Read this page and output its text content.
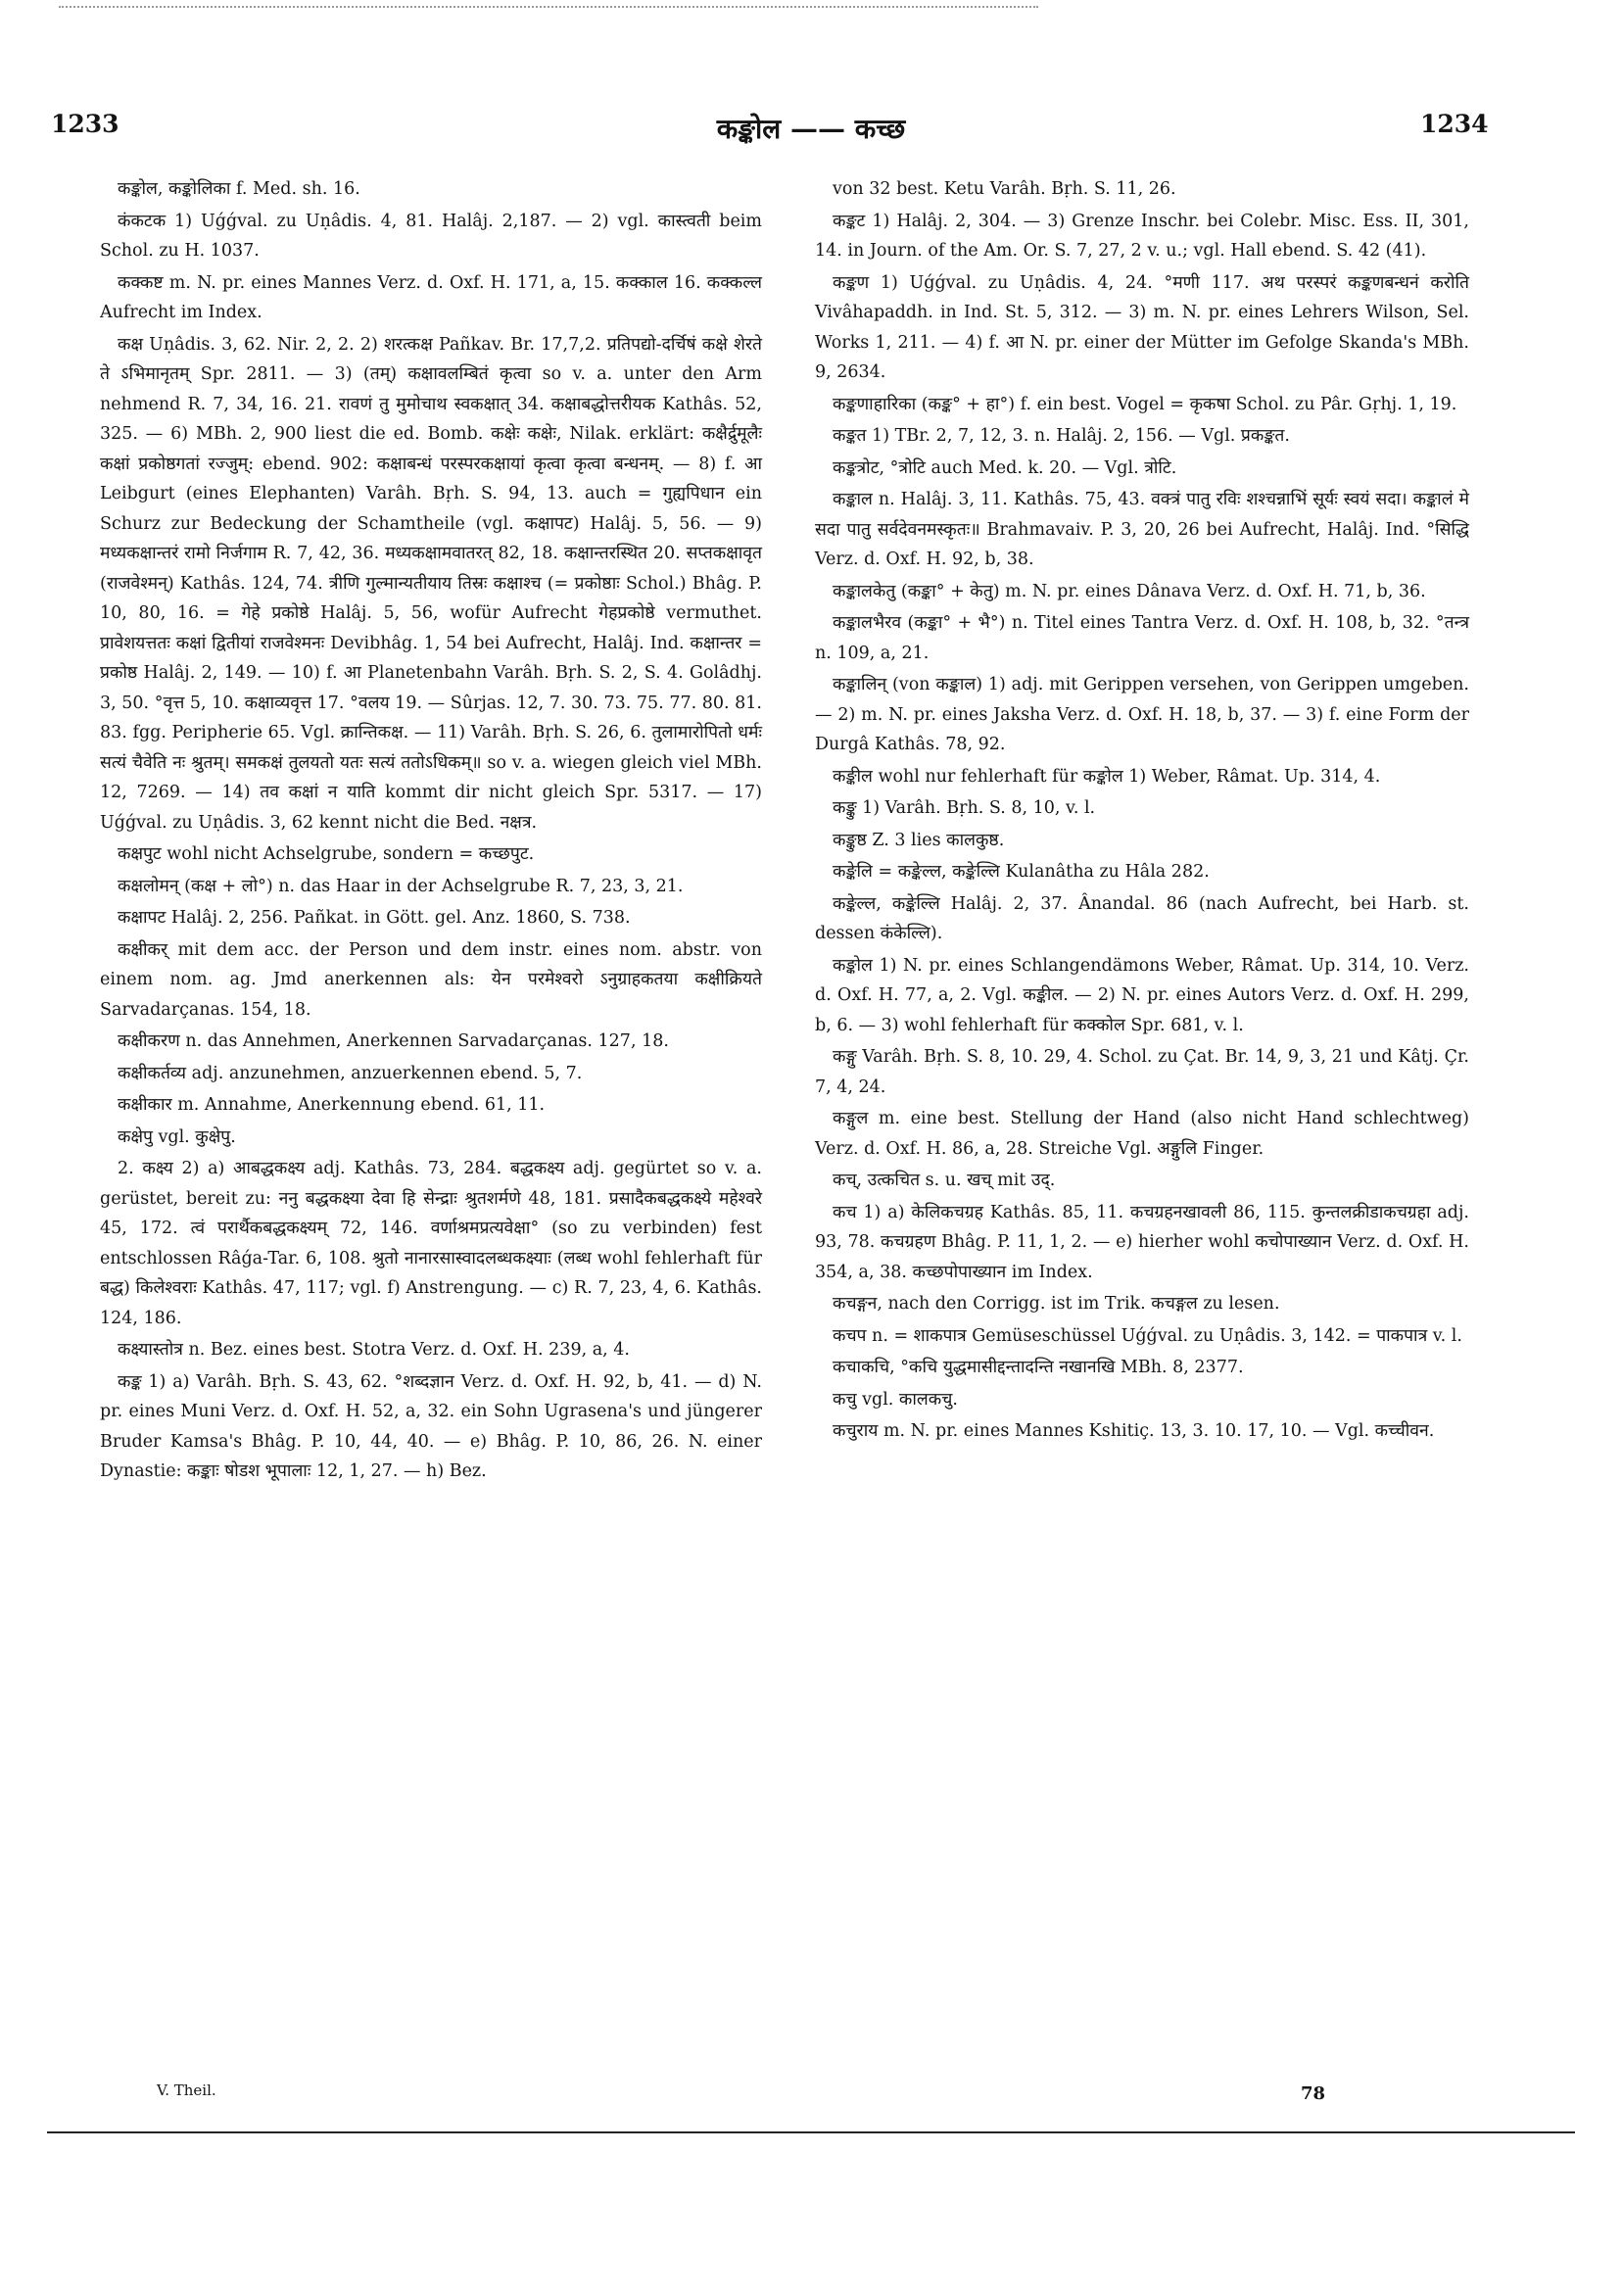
1233	कङ्कोल —— कच्छ	1234

कङ्कोल, कङ्कोलिका f. Med. sh. 16.

कंकटक 1) Uǵǵval. zu Uṇâdis. 4, 81. Halâj. 2,187. — 2) vgl. कास्त्वती beim Schol. zu H. 1037.

कक्कष्ट m. N. pr. eines Mannes Verz. d. Oxf. H. 171, a, 15. कक्काल 16. कक्कल्ल Aufrecht im Index.

कक्ष Uṇâdis. 3, 62. Nir. 2, 2. 2) शरत्कक्ष Pañkav. Br. 17,7,2. प्रतिपद्यो-दर्चिषं कक्षे शेरते ते ऽभिमानृतम् Spr. 2811. — 3) (तम्) कक्षावलम्बितं कृत्वा so v. a. unter den Arm nehmend R. 7, 34, 16. 21. रावणं तु मुमोचाथ स्वकक्षात् 34. कक्षाबद्धोत्तरीयक Kathâs. 52, 325. — 6) MBh. 2, 900 liest die ed. Bomb. कक्षेः कक्षेः, Nilak. erklärt: कक्षैर्द्रुमूलैः कक्षां प्रकोष्ठगतां रज्जुम्: ebend. 902: कक्षाबन्धं परस्परकक्षायां कृत्वा कृत्वा बन्धनम्. — 8) f. आ Leibgurt (eines Elephanten) Varâh. Bṛh. S. 94, 13. auch = गुह्यपिधान ein Schurz zur Bedeckung der Schamtheile (vgl. कक्षापट) Halâj. 5, 56. — 9) मध्यकक्षान्तरं रामो निर्जगाम R. 7, 42, 36. मध्यकक्षामवातरत् 82, 18. कक्षान्तरस्थित 20. सप्तकक्षावृत (राजवेश्मन्) Kathâs. 124, 74. त्रीणि गुल्मान्यतीयाय तिस्रः कक्षाश्च (= प्रकोष्ठाः Schol.) Bhâg. P. 10, 80, 16. = गेहे प्रकोष्ठे Halâj. 5, 56, wofür Aufrecht गेहप्रकोष्ठे vermuthet. प्रावेशयत्ततः कक्षां द्वितीयां राजवेश्मनः Devibhâg. 1, 54 bei Aufrecht, Halâj. Ind. कक्षान्तर = प्रकोष्ठ Halâj. 2, 149. — 10) f. आ Planetenbahn Varâh. Bṛh. S. 2, S. 4. Golâdhj. 3, 50. °वृत्त 5, 10. कक्षाव्यवृत्त 17. °वलय 19. — Sûrjas. 12, 7. 30. 73. 75. 77. 80. 81. 83. fgg. Peripherie 65. Vgl. क्रान्तिकक्ष. — 11) Varâh. Bṛh. S. 26, 6. तुलामारोपितो धर्मः सत्यं चैवेति नः श्रुतम्। समकक्षं तुलयतो यतः सत्यं ततोऽधिकम्॥ so v. a. wiegen gleich viel MBh. 12, 7269. — 14) तव कक्षां न याति kommt dir nicht gleich Spr. 5317. — 17) Uǵǵval. zu Uṇâdis. 3, 62 kennt nicht die Bed. नक्षत्र.

कक्षपुट wohl nicht Achselgrube, sondern = कच्छपुट.

कक्षलोमन् (कक्ष + लो°) n. das Haar in der Achselgrube R. 7, 23, 3, 21.

कक्षापट Halâj. 2, 256. Pañkat. in Gött. gel. Anz. 1860, S. 738.

कक्षीकर् mit dem acc. der Person und dem instr. eines nom. abstr. von einem nom. ag. Jmd anerkennen als: येन परमेश्वरो ऽनुग्राहकतया कक्षीक्रियते Sarvadarçanas. 154, 18.

कक्षीकरण n. das Annehmen, Anerkennen Sarvadarçanas. 127, 18.

कक्षीकर्तव्य adj. anzunehmen, anzuerkennen ebend. 5, 7.

कक्षीकार m. Annahme, Anerkennung ebend. 61, 11.

कक्षेपु vgl. कुक्षेपु.

2. कक्ष्य 2) a) आबद्धकक्ष्य adj. Kathâs. 73, 284. बद्धकक्ष्य adj. gegürtet so v. a. gerüstet, bereit zu: ननु बद्धकक्ष्या देवा हि सेन्द्राः श्रुतशर्मणे 48, 181. प्रसादैकबद्धकक्ष्ये महेश्वरे 45, 172. त्वं परार्थैकबद्धकक्ष्यम् 72, 146. वर्णाश्रमप्रत्यवेक्षा° (so zu verbinden) fest entschlossen Râǵa-Tar. 6, 108. श्रुतो नानारसास्वादलब्धकक्ष्याः (लब्ध wohl fehlerhaft für बद्ध) किलेश्वराः Kathâs. 47, 117; vgl. f) Anstrengung. — c) R. 7, 23, 4, 6. Kathâs. 124, 186.

कक्ष्यास्तोत्र n. Bez. eines best. Stotra Verz. d. Oxf. H. 239, a, 4.

कङ्क 1) a) Varâh. Bṛh. S. 43, 62. °शब्दज्ञान Verz. d. Oxf. H. 92, b, 41. — d) N. pr. eines Muni Verz. d. Oxf. H. 52, a, 32. ein Sohn Ugrasena's und jüngerer Bruder Kamsa's Bhâg. P. 10, 44, 40. — e) Bhâg. P. 10, 86, 26. N. einer Dynastie: कङ्काः षोडश भूपालाः 12, 1, 27. — h) Bez.

von 32 best. Ketu Varâh. Bṛh. S. 11, 26.

कङ्कट 1) Halâj. 2, 304. — 3) Grenze Inschr. bei Colebr. Misc. Ess. II, 301, 14. in Journ. of the Am. Or. S. 7, 27, 2 v. u.; vgl. Hall ebend. S. 42 (41).

कङ्कण 1) Uǵǵval. zu Uṇâdis. 4, 24. °मणी 117. अथ परस्परं कङ्कणबन्धनं करोति Vivâhapaddh. in Ind. St. 5, 312. — 3) m. N. pr. eines Lehrers Wilson, Sel. Works 1, 211. — 4) f. आ N. pr. einer der Mütter im Gefolge Skanda's MBh. 9, 2634.

कङ्कणाहारिका (कङ्क° + हा°) f. ein best. Vogel = कृकषा Schol. zu Pâr. Gṛhj. 1, 19.

कङ्कत 1) TBr. 2, 7, 12, 3. n. Halâj. 2, 156. — Vgl. प्रकङ्कत.

कङ्कत्रोट, °त्रोटि auch Med. k. 20. — Vgl. त्रोटि.

कङ्काल n. Halâj. 3, 11. Kathâs. 75, 43. वक्त्रं पातु रविः शश्चन्नाभिं सूर्यः स्वयं सदा। कङ्कालं मे सदा पातु सर्वदेवनमस्कृतः॥ Brahmavaiv. P. 3, 20, 26 bei Aufrecht, Halâj. Ind. °सिद्धि Verz. d. Oxf. H. 92, b, 38.

कङ्कालकेतु (कङ्का° + केतु) m. N. pr. eines Dânava Verz. d. Oxf. H. 71, b, 36.

कङ्कालभैरव (कङ्का° + भै°) n. Titel eines Tantra Verz. d. Oxf. H. 108, b, 32. °तन्त्र n. 109, a, 21.

कङ्कालिन् (von कङ्काल) 1) adj. mit Gerippen versehen, von Gerippen umgeben. — 2) m. N. pr. eines Jaksha Verz. d. Oxf. H. 18, b, 37. — 3) f. eine Form der Durgâ Kathâs. 78, 92.

कङ्कील wohl nur fehlerhaft für कङ्कोल 1) Weber, Râmat. Up. 314, 4.

कङ्कु 1) Varâh. Bṛh. S. 8, 10, v. l.

कङ्कुष्ठ Z. 3 lies कालकुष्ठ.

कङ्केलि = कङ्केल्ल, कङ्केल्लि Kulanâtha zu Hâla 282.

कङ्केल्ल, कङ्केल्लि Halâj. 2, 37. Ânandal. 86 (nach Aufrecht, bei Harb. st. dessen कंकेल्लि).

कङ्कोल 1) N. pr. eines Schlangendämons Weber, Râmat. Up. 314, 10. Verz. d. Oxf. H. 77, a, 2. Vgl. कङ्कील. — 2) N. pr. eines Autors Verz. d. Oxf. H. 299, b, 6. — 3) wohl fehlerhaft für कक्कोल Spr. 681, v. l.

कङ्गु Varâh. Bṛh. S. 8, 10. 29, 4. Schol. zu Çat. Br. 14, 9, 3, 21 und Kâtj. Çr. 7, 4, 24.

कङ्गुल m. eine best. Stellung der Hand (also nicht Hand schlechtweg) Verz. d. Oxf. H. 86, a, 28. Streiche Vgl. अङ्गुलि Finger.

कच्, उत्कचित s. u. खच् mit उद्.

कच 1) a) केलिकचग्रह Kathâs. 85, 11. कचग्रहनखावली 86, 115. कुन्तलक्रीडाकचग्रहा adj. 93, 78. कचग्रहण Bhâg. P. 11, 1, 2. — e) hierher wohl कचोपाख्यान Verz. d. Oxf. H. 354, a, 38. कच्छपोपाख्यान im Index.

कचङ्गन, nach den Corrigg. ist im Trik. कचङ्गल zu lesen.

कचप n. = शाकपात्र Gemüseschüssel Uǵǵval. zu Uṇâdis. 3, 142. = पाकपात्र v. l.

कचाकचि, °कचि युद्धमासीद्दन्तादन्ति नखानखि MBh. 8, 2377.

कचु vgl. कालकचु.

कचुराय m. N. pr. eines Mannes Kshitiç. 13, 3. 10. 17, 10. — Vgl. कच्चीवन.

V. Theil.	78
